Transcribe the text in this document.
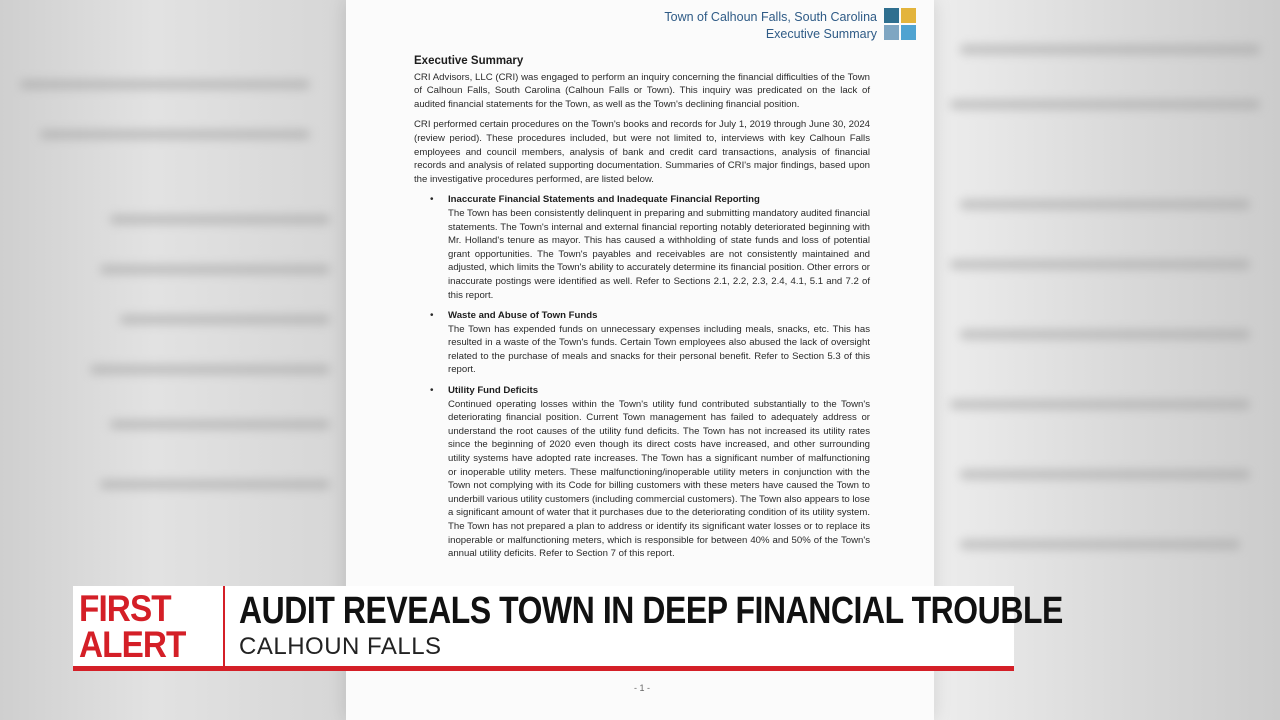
Town of Calhoun Falls, South Carolina
Executive Summary
Executive Summary

CRI Advisors, LLC (CRI) was engaged to perform an inquiry concerning the financial difficulties of the Town of Calhoun Falls, South Carolina (Calhoun Falls or Town). This inquiry was predicated on the lack of audited financial statements for the Town, as well as the Town's declining financial position.

CRI performed certain procedures on the Town's books and records for July 1, 2019 through June 30, 2024 (review period). These procedures included, but were not limited to, interviews with key Calhoun Falls employees and council members, analysis of bank and credit card transactions, analysis of financial records and analysis of related supporting documentation. Summaries of CRI's major findings, based upon the investigative procedures performed, are listed below.

• Inaccurate Financial Statements and Inadequate Financial Reporting
The Town has been consistently delinquent in preparing and submitting mandatory audited financial statements. The Town's internal and external financial reporting notably deteriorated beginning with Mr. Holland's tenure as mayor. This has caused a withholding of state funds and loss of potential grant opportunities. The Town's payables and receivables are not consistently maintained and adjusted, which limits the Town's ability to accurately determine its financial position. Other errors or inaccurate postings were identified as well. Refer to Sections 2.1, 2.2, 2.3, 2.4, 4.1, 5.1 and 7.2 of this report.
• Waste and Abuse of Town Funds
The Town has expended funds on unnecessary expenses including meals, snacks, etc. This has resulted in a waste of the Town's funds. Certain Town employees also abused the lack of oversight related to the purchase of meals and snacks for their personal benefit. Refer to Section 5.3 of this report.
• Utility Fund Deficits
Continued operating losses within the Town's utility fund contributed substantially to the Town's deteriorating financial position. Current Town management has failed to adequately address or understand the root causes of the utility fund deficits. The Town has not increased its utility rates since the beginning of 2020 even though its direct costs have increased, and other surrounding utility systems have adopted rate increases. The Town has a significant number of malfunctioning or inoperable utility meters. These malfunctioning/inoperable utility meters in conjunction with the Town not complying with its Code for billing customers with these meters have caused the Town to underbill various utility customers (including commercial customers). The Town also appears to lose a significant amount of water that it purchases due to the deteriorating condition of its utility system. The Town has not prepared a plan to address or identify its significant water losses or to replace its inoperable or malfunctioning meters, which is responsible for between 40% and 50% of the Town's annual utility deficits. Refer to Section 7 of this report.
- 1 -
FIRST
ALERT
AUDIT REVEALS TOWN IN DEEP FINANCIAL TROUBLE
CALHOUN FALLS
